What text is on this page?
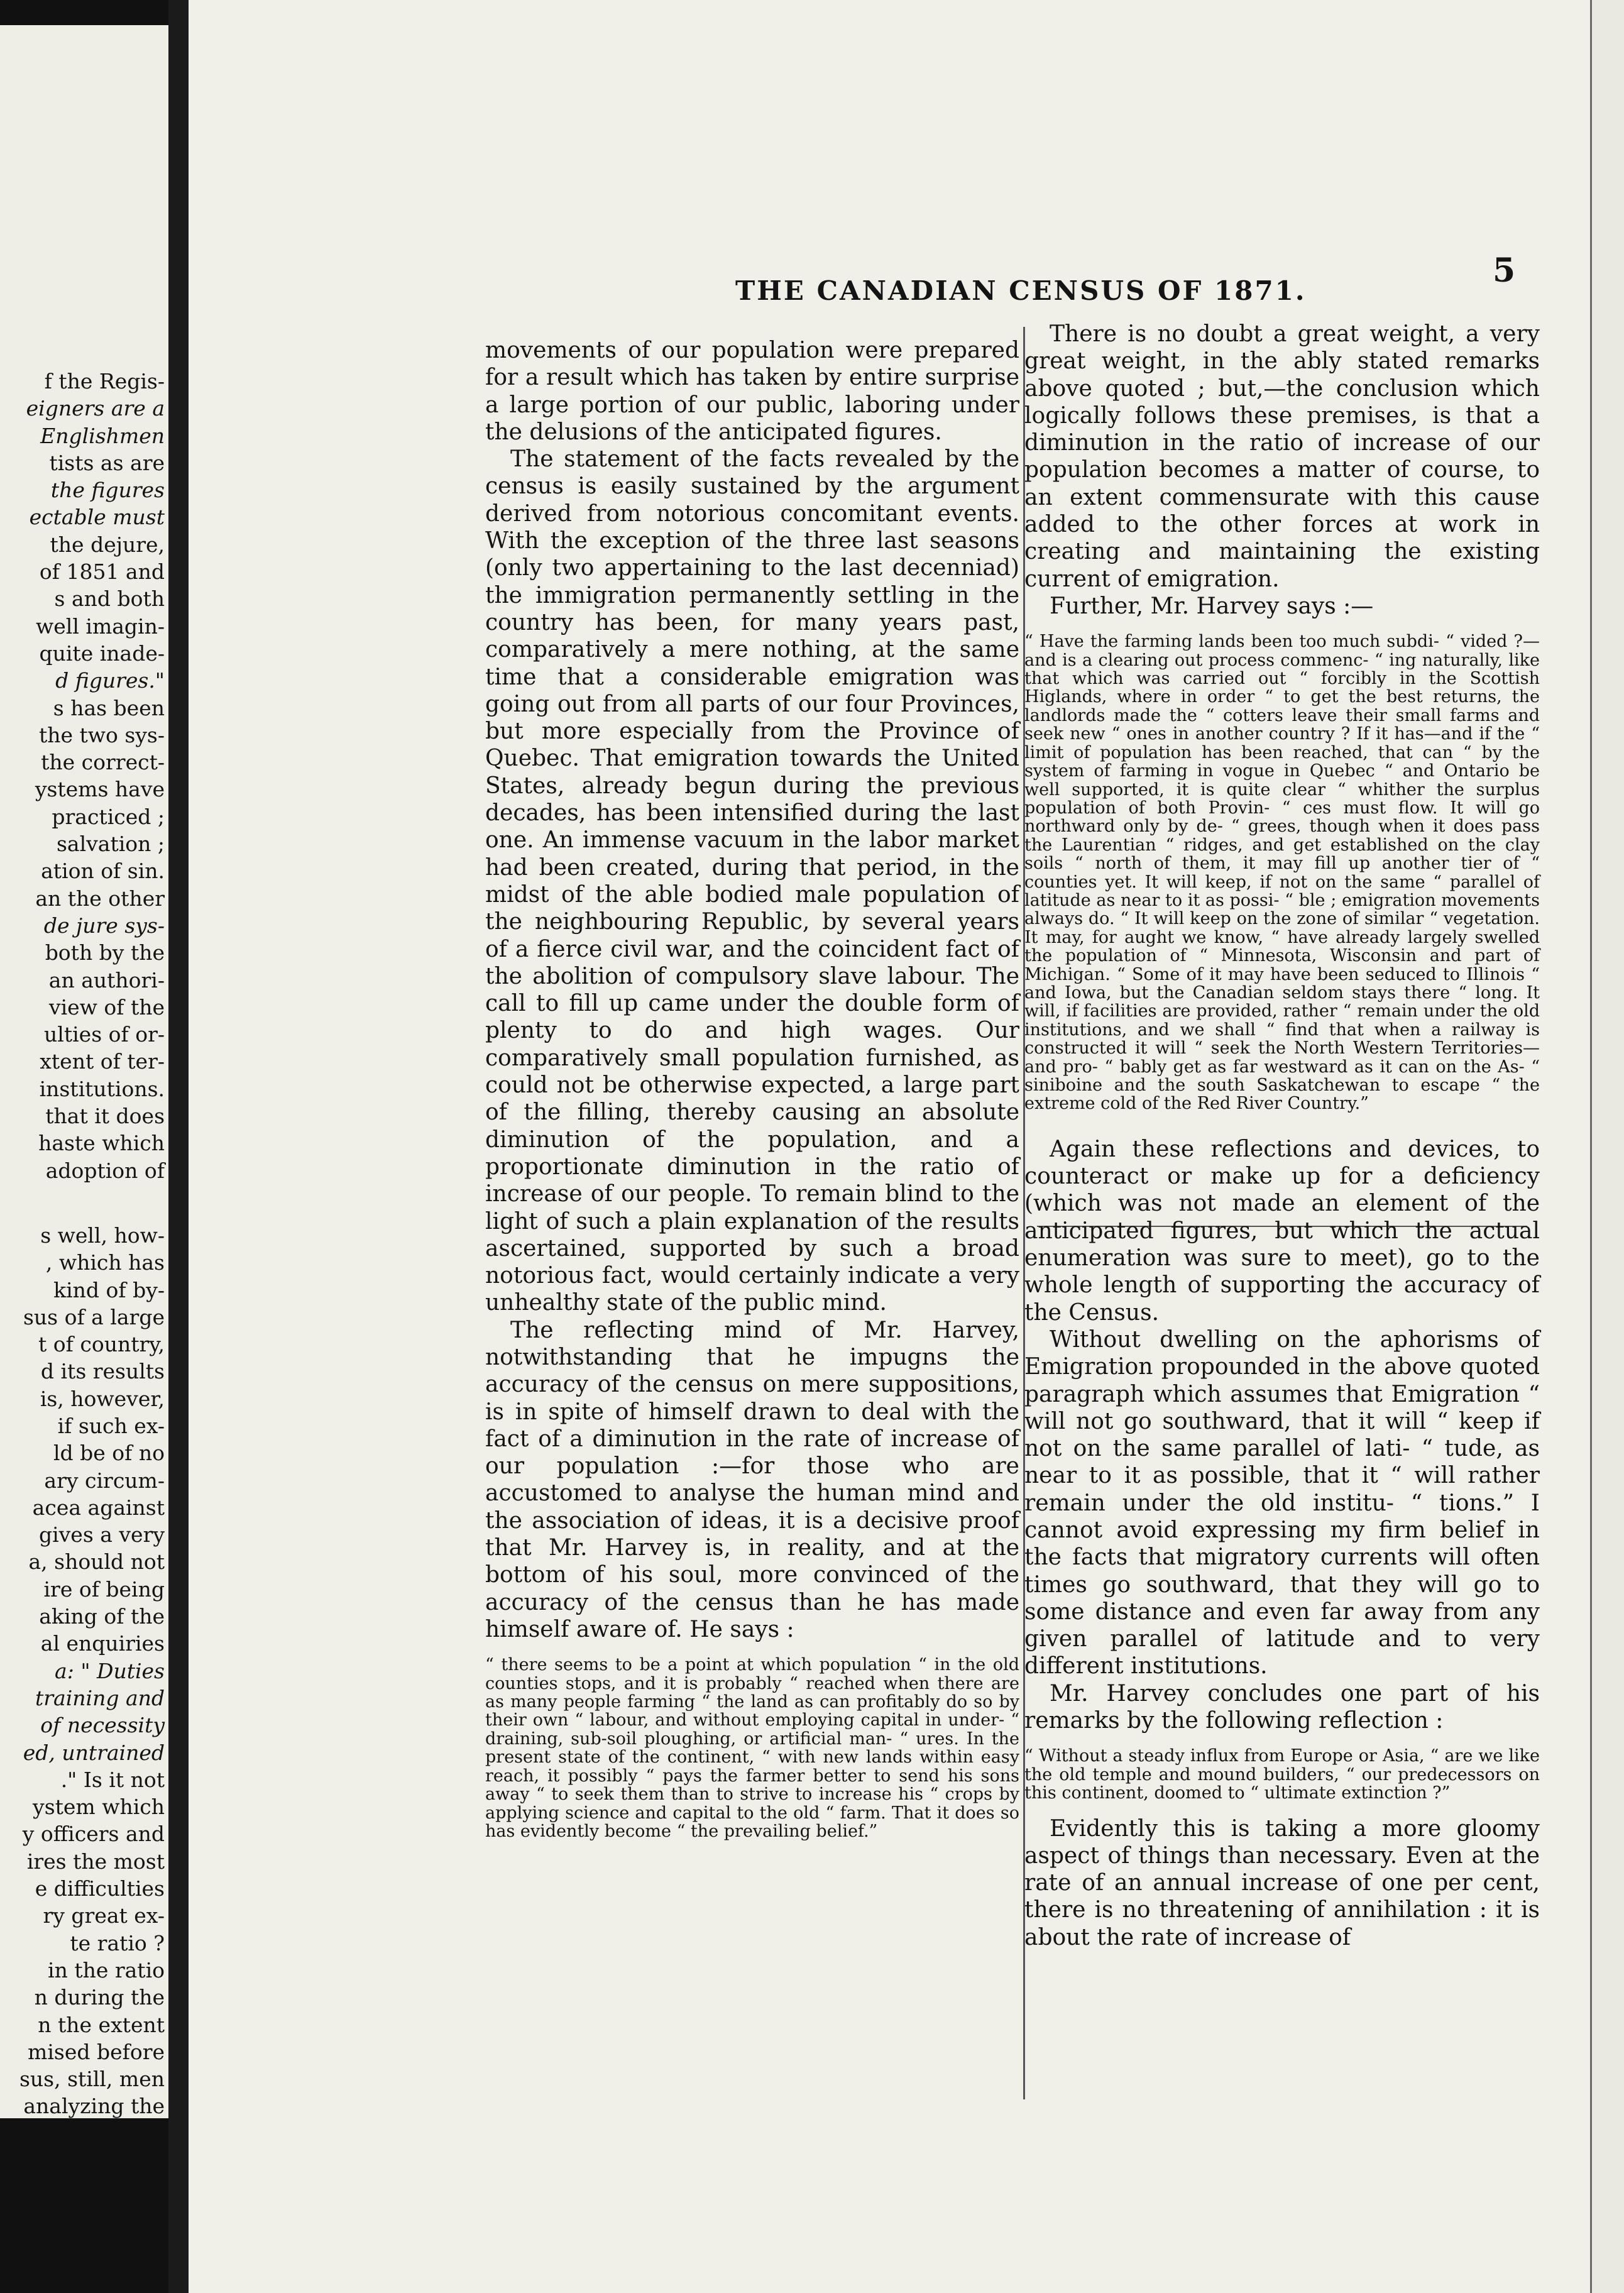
f the Regis-
eigners are a
Englishmen
tists as are
the figures
ectable must
the dejure,
of 1851 and
s and both
well imagin-
quite inade-
d figures."
s has been
the two sys-
the correct-
ystems have
practiced ;
salvation ;
ation of sin.
an the other
de jure sys-
both by the
an authori-
view of the
ulties of or-
xtent of ter-
institutions.
that it does
haste which
adoption of
s well, how-
, which has
kind of by-
sus of a large
t of country,
d its results
is, however,
if such ex-
ld be of no
ary circum-
acea against
gives a very
a, should not
ire of being
aking of the
al enquiries
a: " Duties
training and
of necessity
ed, untrained
." Is it not
ystem which
y officers and
ires the most
e difficulties
ry great ex-
te ratio ?
in the ratio
n during the
n the extent
mised before
sus, still, men
analyzing the
THE CANADIAN CENSUS OF 1871.
5

movements of our population were prepared for a result which has taken by entire surprise a large portion of our public, laboring under the delusions of the anticipated figures.

The statement of the facts revealed by the census is easily sustained by the argument derived from notorious concomitant events. With the exception of the three last seasons (only two appertaining to the last decenniad) the immigration permanently settling in the country has been, for many years past, comparatively a mere nothing, at the same time that a considerable emigration was going out from all parts of our four Provinces, but more especially from the Province of Quebec. That emigration towards the United States, already begun during the previous decades, has been intensified during the last one. An immense vacuum in the labor market had been created, during that period, in the midst of the able bodied male population of the neighbouring Republic, by several years of a fierce civil war, and the coincident fact of the abolition of compulsory slave labour. The call to fill up came under the double form of plenty to do and high wages. Our comparatively small population furnished, as could not be otherwise expected, a large part of the filling, thereby causing an absolute diminution of the population, and a proportionate diminution in the ratio of increase of our people. To remain blind to the light of such a plain explanation of the results ascertained, supported by such a broad notorious fact, would certainly indicate a very unhealthy state of the public mind.

The reflecting mind of Mr. Harvey, notwithstanding that he impugns the accuracy of the census on mere suppositions, is in spite of himself drawn to deal with the fact of a diminution in the rate of increase of our population :—for those who are accustomed to analyse the human mind and the association of ideas, it is a decisive proof that Mr. Harvey is, in reality, and at the bottom of his soul, more convinced of the accuracy of the census than he has made himself aware of. He says :

“ there seems to be a point at which population “ in the old counties stops, and it is probably “ reached when there are as many people farming “ the land as can profitably do so by their own “ labour, and without employing capital in under- “ draining, sub-soil ploughing, or artificial man- “ ures. In the present state of the continent, “ with new lands within easy reach, it possibly “ pays the farmer better to send his sons away “ to seek them than to strive to increase his “ crops by applying science and capital to the old “ farm. That it does so has evidently become “ the prevailing belief.”

There is no doubt a great weight, a very great weight, in the ably stated remarks above quoted ; but,—the conclusion which logically follows these premises, is that a diminution in the ratio of increase of our population becomes a matter of course, to an extent commensurate with this cause added to the other forces at work in creating and maintaining the existing current of emigration.

Further, Mr. Harvey says :—

“ Have the farming lands been too much subdi- “ vided ?—and is a clearing out process commenc- “ ing naturally, like that which was carried out “ forcibly in the Scottish Higlands, where in order “ to get the best returns, the landlords made the “ cotters leave their small farms and seek new “ ones in another country ? If it has—and if the “ limit of population has been reached, that can “ by the system of farming in vogue in Quebec “ and Ontario be well supported, it is quite clear “ whither the surplus population of both Provin- “ ces must flow. It will go northward only by de- “ grees, though when it does pass the Laurentian “ ridges, and get established on the clay soils “ north of them, it may fill up another tier of “ counties yet. It will keep, if not on the same “ parallel of latitude as near to it as possi- “ ble ; emigration movements always do. “ It will keep on the zone of similar “ vegetation. It may, for aught we know, “ have already largely swelled the population of “ Minnesota, Wisconsin and part of Michigan. “ Some of it may have been seduced to Illinois “ and Iowa, but the Canadian seldom stays there “ long. It will, if facilities are provided, rather “ remain under the old institutions, and we shall “ find that when a railway is constructed it will “ seek the North Western Territories—and pro- “ bably get as far westward as it can on the As- “ siniboine and the south Saskatchewan to escape “ the extreme cold of the Red River Country.”

Again these reflections and devices, to counteract or make up for a deficiency (which was not made an element of the anticipated figures, but which the actual enumeration was sure to meet), go to the whole length of supporting the accuracy of the Census.

Without dwelling on the aphorisms of Emigration propounded in the above quoted paragraph which assumes that Emigration “ will not go southward, that it will “ keep if not on the same parallel of lati- “ tude, as near to it as possible, that it “ will rather remain under the old institu- “ tions.” I cannot avoid expressing my firm belief in the facts that migratory currents will often times go southward, that they will go to some distance and even far away from any given parallel of latitude and to very different institutions.

Mr. Harvey concludes one part of his remarks by the following reflection :

“ Without a steady influx from Europe or Asia, “ are we like the old temple and mound builders, “ our predecessors on this continent, doomed to “ ultimate extinction ?”

Evidently this is taking a more gloomy aspect of things than necessary. Even at the rate of an annual increase of one per cent, there is no threatening of annihilation : it is about the rate of increase of
